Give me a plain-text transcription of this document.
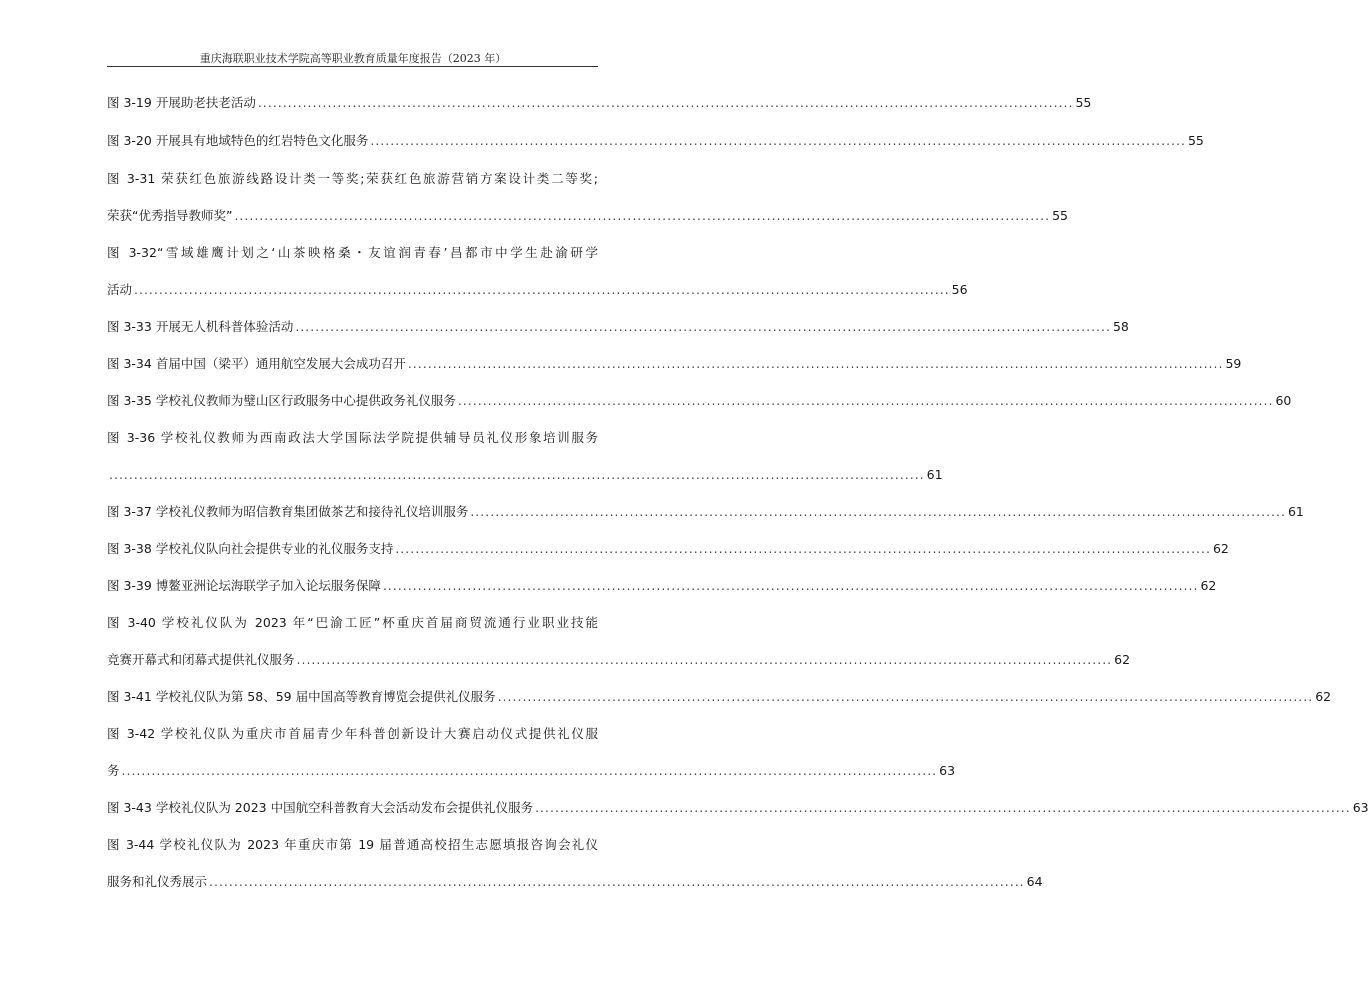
重庆海联职业技术学院高等职业教育质量年度报告（2023 年）
图 3-19 开展助老扶老活动 .................................................................................................................................................................... 55
图 3-20 开展具有地域特色的红岩特色文化服务 .................................................................................................................................................................... 55
图 3-31 荣获红色旅游线路设计类一等奖;荣获红色旅游营销方案设计类二等奖;
荣获“优秀指导教师奖” .................................................................................................................................................................... 55
图 3-32“雪域雄鹰计划之‘山茶映格桑・友谊润青春’昌都市中学生赴渝研学
活动 .................................................................................................................................................................... 56
图 3-33 开展无人机科普体验活动 .................................................................................................................................................................... 58
图 3-34 首届中国（梁平）通用航空发展大会成功召开 .................................................................................................................................................................... 59
图 3-35 学校礼仪教师为璧山区行政服务中心提供政务礼仪服务 .................................................................................................................................................................... 60
图 3-36 学校礼仪教师为西南政法大学国际法学院提供辅导员礼仪形象培训服务
.................................................................................................................................................................... 61
图 3-37 学校礼仪教师为昭信教育集团做茶艺和接待礼仪培训服务 .................................................................................................................................................................... 61
图 3-38 学校礼仪队向社会提供专业的礼仪服务支持 .................................................................................................................................................................... 62
图 3-39 博鳌亚洲论坛海联学子加入论坛服务保障 .................................................................................................................................................................... 62
图 3-40 学校礼仪队为 2023 年“巴渝工匠”杯重庆首届商贸流通行业职业技能
竞赛开幕式和闭幕式提供礼仪服务 .................................................................................................................................................................... 62
图 3-41 学校礼仪队为第 58、59 届中国高等教育博览会提供礼仪服务 .................................................................................................................................................................... 62
图 3-42 学校礼仪队为重庆市首届青少年科普创新设计大赛启动仪式提供礼仪服
务 .................................................................................................................................................................... 63
图 3-43 学校礼仪队为 2023 中国航空科普教育大会活动发布会提供礼仪服务 .................................................................................................................................................................... 63
图 3-44 学校礼仪队为 2023 年重庆市第 19 届普通高校招生志愿填报咨询会礼仪
服务和礼仪秀展示 .................................................................................................................................................................... 64
